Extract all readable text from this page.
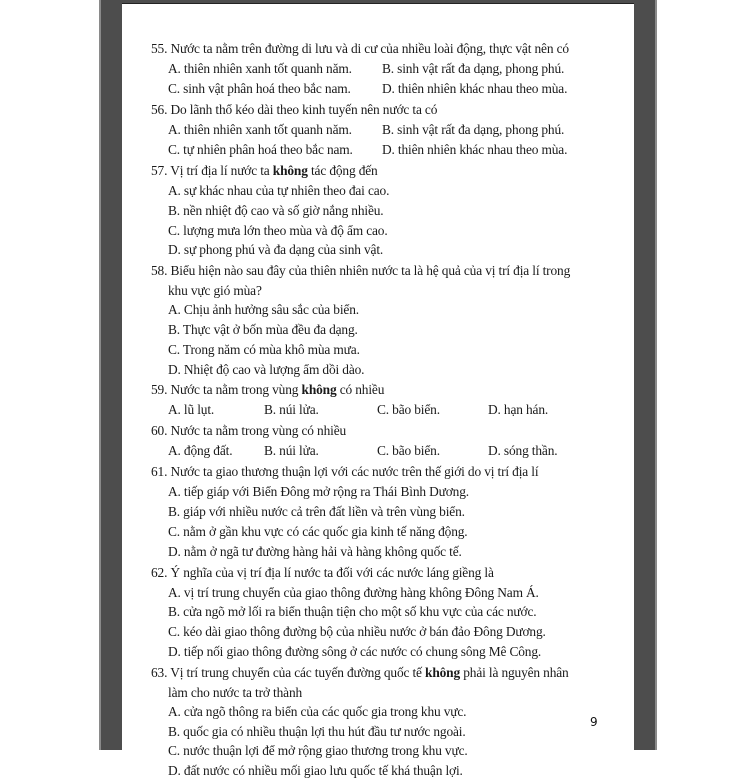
55. Nước ta nằm trên đường di lưu và di cư của nhiều loài động, thực vật nên có
A. thiên nhiên xanh tốt quanh năm. B. sinh vật rất đa dạng, phong phú.
C. sinh vật phân hoá theo bắc nam. D. thiên nhiên khác nhau theo mùa.
56. Do lãnh thổ kéo dài theo kinh tuyến nên nước ta có
A. thiên nhiên xanh tốt quanh năm. B. sinh vật rất đa dạng, phong phú.
C. tự nhiên phân hoá theo bắc nam. D. thiên nhiên khác nhau theo mùa.
57. Vị trí địa lí nước ta không tác động đến
A. sự khác nhau của tự nhiên theo đai cao.
B. nền nhiệt độ cao và số giờ nắng nhiều.
C. lượng mưa lớn theo mùa và độ ẩm cao.
D. sự phong phú và đa dạng của sinh vật.
58. Biểu hiện nào sau đây của thiên nhiên nước ta là hệ quả của vị trí địa lí trong
khu vực gió mùa?
A. Chịu ảnh hưởng sâu sắc của biển.
B. Thực vật ở bốn mùa đều đa dạng.
C. Trong năm có mùa khô mùa mưa.
D. Nhiệt độ cao và lượng ẩm dồi dào.
59. Nước ta nằm trong vùng không có nhiều
A. lũ lụt.	B. núi lửa.	C. bão biển.	D. hạn hán.
60. Nước ta nằm trong vùng có nhiều
A. động đất. B. núi lửa.	C. bão biển.	D. sóng thần.
61. Nước ta giao thương thuận lợi với các nước trên thế giới do vị trí địa lí
A. tiếp giáp với Biển Đông mở rộng ra Thái Bình Dương.
B. giáp với nhiều nước cả trên đất liền và trên vùng biển.
C. nằm ở gần khu vực có các quốc gia kinh tế năng động.
D. nằm ở ngã tư đường hàng hải và hàng không quốc tế.
62. Ý nghĩa của vị trí địa lí nước ta đối với các nước láng giềng là
A. vị trí trung chuyển của giao thông đường hàng không Đông Nam Á.
B. cửa ngõ mở lối ra biển thuận tiện cho một số khu vực của các nước.
C. kéo dài giao thông đường bộ của nhiều nước ở bán đảo Đông Dương.
D. tiếp nối giao thông đường sông ở các nước có chung sông Mê Công.
63. Vị trí trung chuyển của các tuyến đường quốc tế không phải là nguyên nhân
làm cho nước ta trở thành
A. cửa ngõ thông ra biển của các quốc gia trong khu vực.
B. quốc gia có nhiều thuận lợi thu hút đầu tư nước ngoài.
C. nước thuận lợi để mở rộng giao thương trong khu vực.
D. đất nước có nhiều mối giao lưu quốc tế khá thuận lợi.
9
